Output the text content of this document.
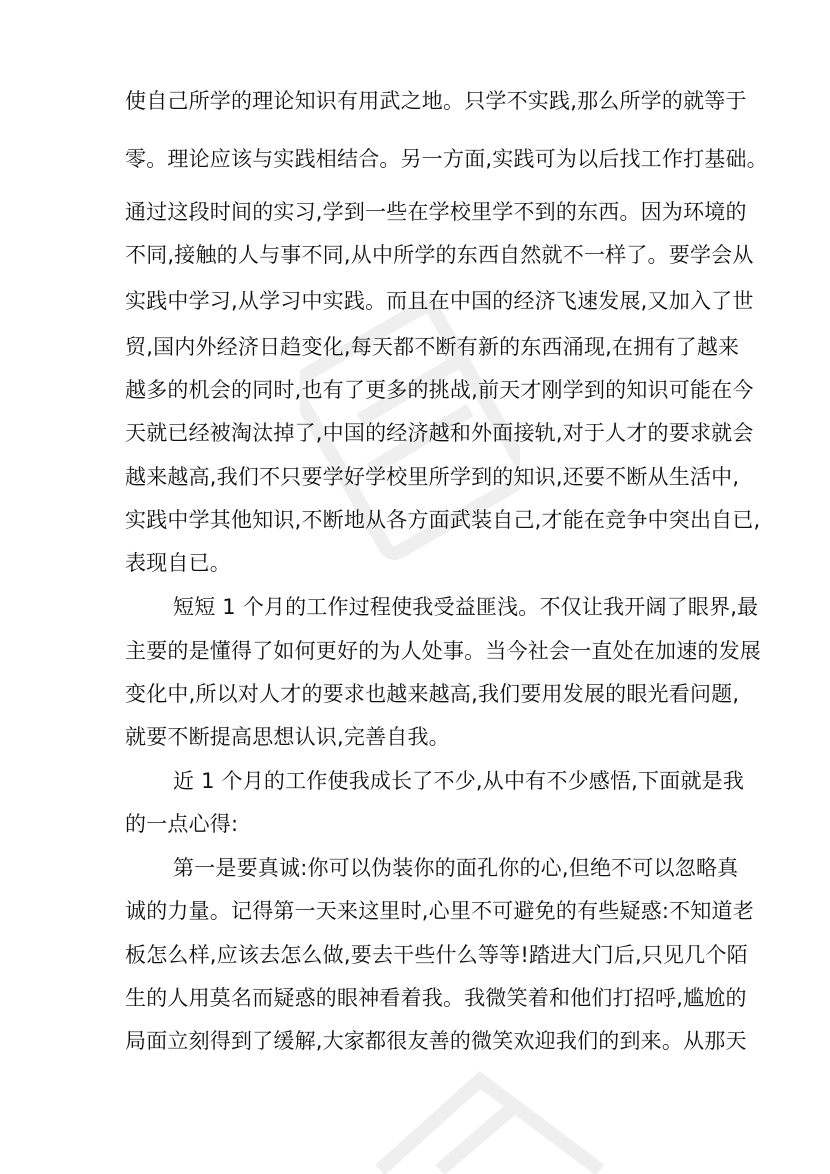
使自己所学的理论知识有用武之地。只学不实践,那么所学的就等于
零。理论应该与实践相结合。另一方面,实践可为以后找工作打基础。
通过这段时间的实习,学到一些在学校里学不到的东西。因为环境的
不同,接触的人与事不同,从中所学的东西自然就不一样了。要学会从
实践中学习,从学习中实践。而且在中国的经济飞速发展,又加入了世
贸,国内外经济日趋变化,每天都不断有新的东西涌现,在拥有了越来
越多的机会的同时,也有了更多的挑战,前天才刚学到的知识可能在今
天就已经被淘汰掉了,中国的经济越和外面接轨,对于人才的要求就会
越来越高,我们不只要学好学校里所学到的知识,还要不断从生活中,
实践中学其他知识,不断地从各方面武装自己,才能在竞争中突出自已,
表现自已。
短短 1 个月的工作过程使我受益匪浅。不仅让我开阔了眼界,最
主要的是懂得了如何更好的为人处事。当今社会一直处在加速的发展
变化中,所以对人才的要求也越来越高,我们要用发展的眼光看问题,
就要不断提高思想认识,完善自我。
近 1 个月的工作使我成长了不少,从中有不少感悟,下面就是我
的一点心得:
第一是要真诚:你可以伪装你的面孔你的心,但绝不可以忽略真
诚的力量。记得第一天来这里时,心里不可避免的有些疑惑:不知道老
板怎么样,应该去怎么做,要去干些什么等等!踏进大门后,只见几个陌
生的人用莫名而疑惑的眼神看着我。我微笑着和他们打招呼,尴尬的
局面立刻得到了缓解,大家都很友善的微笑欢迎我们的到来。从那天
